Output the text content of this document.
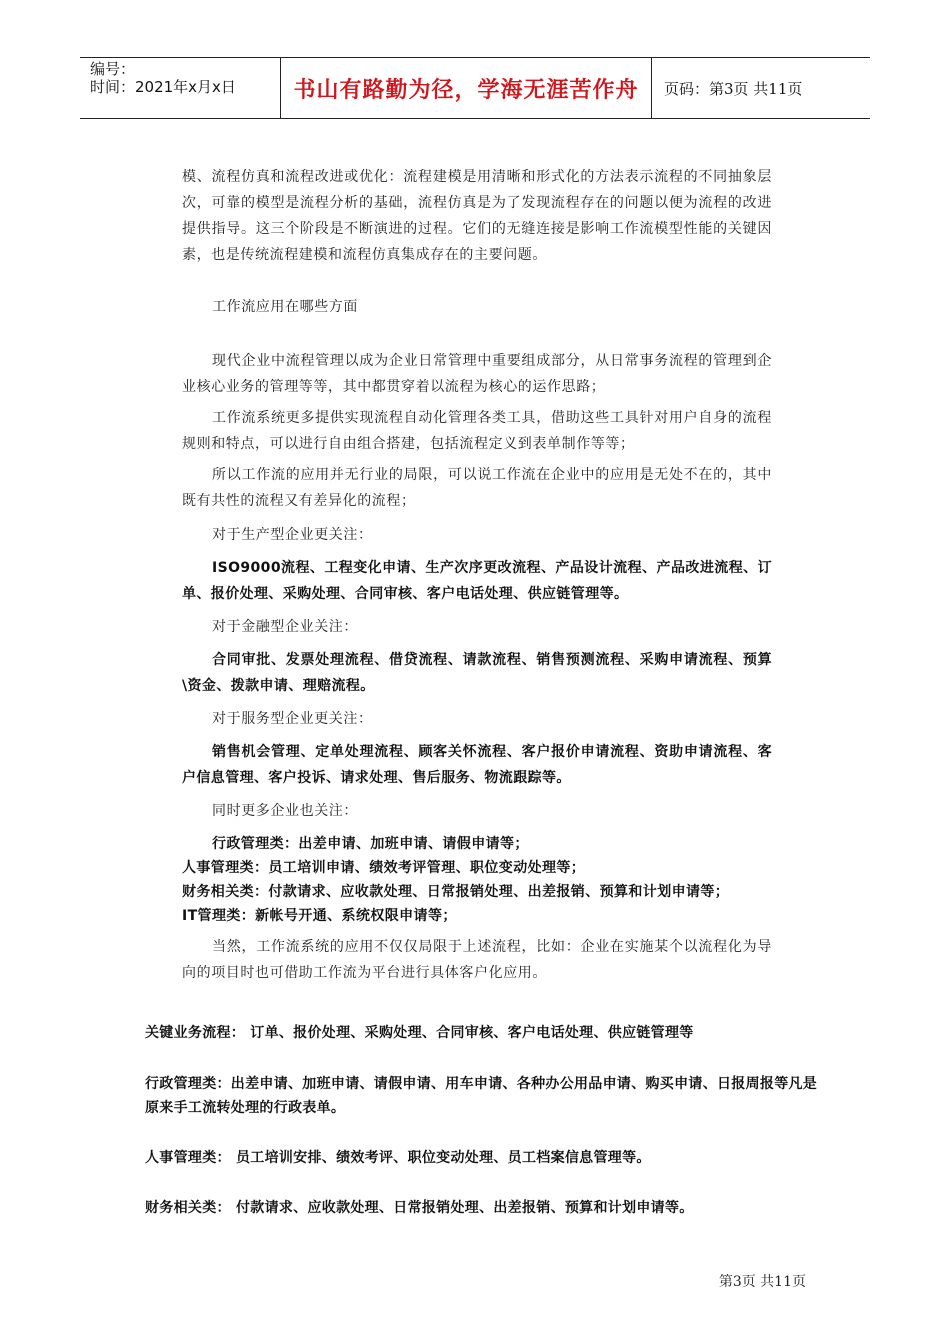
编号：
时间：2021年x月x日	书山有路勤为径，学海无涯苦作舟	页码：第3页 共11页

模、流程仿真和流程改进或优化：流程建模是用清晰和形式化的方法表示流程的不同抽象层次，可靠的模型是流程分析的基础，流程仿真是为了发现流程存在的问题以便为流程的改进提供指导。这三个阶段是不断演进的过程。它们的无缝连接是影响工作流模型性能的关键因素，也是传统流程建模和流程仿真集成存在的主要问题。

工作流应用在哪些方面

现代企业中流程管理以成为企业日常管理中重要组成部分，从日常事务流程的管理到企业核心业务的管理等等，其中都贯穿着以流程为核心的运作思路；

工作流系统更多提供实现流程自动化管理各类工具，借助这些工具针对用户自身的流程规则和特点，可以进行自由组合搭建，包括流程定义到表单制作等等；

所以工作流的应用并无行业的局限，可以说工作流在企业中的应用是无处不在的，其中既有共性的流程又有差异化的流程；

对于生产型企业更关注：

ISO9000流程、工程变化申请、生产次序更改流程、产品设计流程、产品改进流程、订单、报价处理、采购处理、合同审核、客户电话处理、供应链管理等。

对于金融型企业关注：

合同审批、发票处理流程、借贷流程、请款流程、销售预测流程、采购申请流程、预算\资金、拨款申请、理赔流程。

对于服务型企业更关注：

销售机会管理、定单处理流程、顾客关怀流程、客户报价申请流程、资助申请流程、客户信息管理、客户投诉、请求处理、售后服务、物流跟踪等。

同时更多企业也关注：

行政管理类：出差申请、加班申请、请假申请等；

人事管理类：员工培训申请、绩效考评管理、职位变动处理等；

财务相关类：付款请求、应收款处理、日常报销处理、出差报销、预算和计划申请等；

IT管理类：新帐号开通、系统权限申请等；

当然，工作流系统的应用不仅仅局限于上述流程，比如：企业在实施某个以流程化为导向的项目时也可借助工作流为平台进行具体客户化应用。

关键业务流程： 订单、报价处理、采购处理、合同审核、客户电话处理、供应链管理等

行政管理类：出差申请、加班申请、请假申请、用车申请、各种办公用品申请、购买申请、日报周报等凡是原来手工流转处理的行政表单。

人事管理类： 员工培训安排、绩效考评、职位变动处理、员工档案信息管理等。

财务相关类： 付款请求、应收款处理、日常报销处理、出差报销、预算和计划申请等。

第3页 共11页
